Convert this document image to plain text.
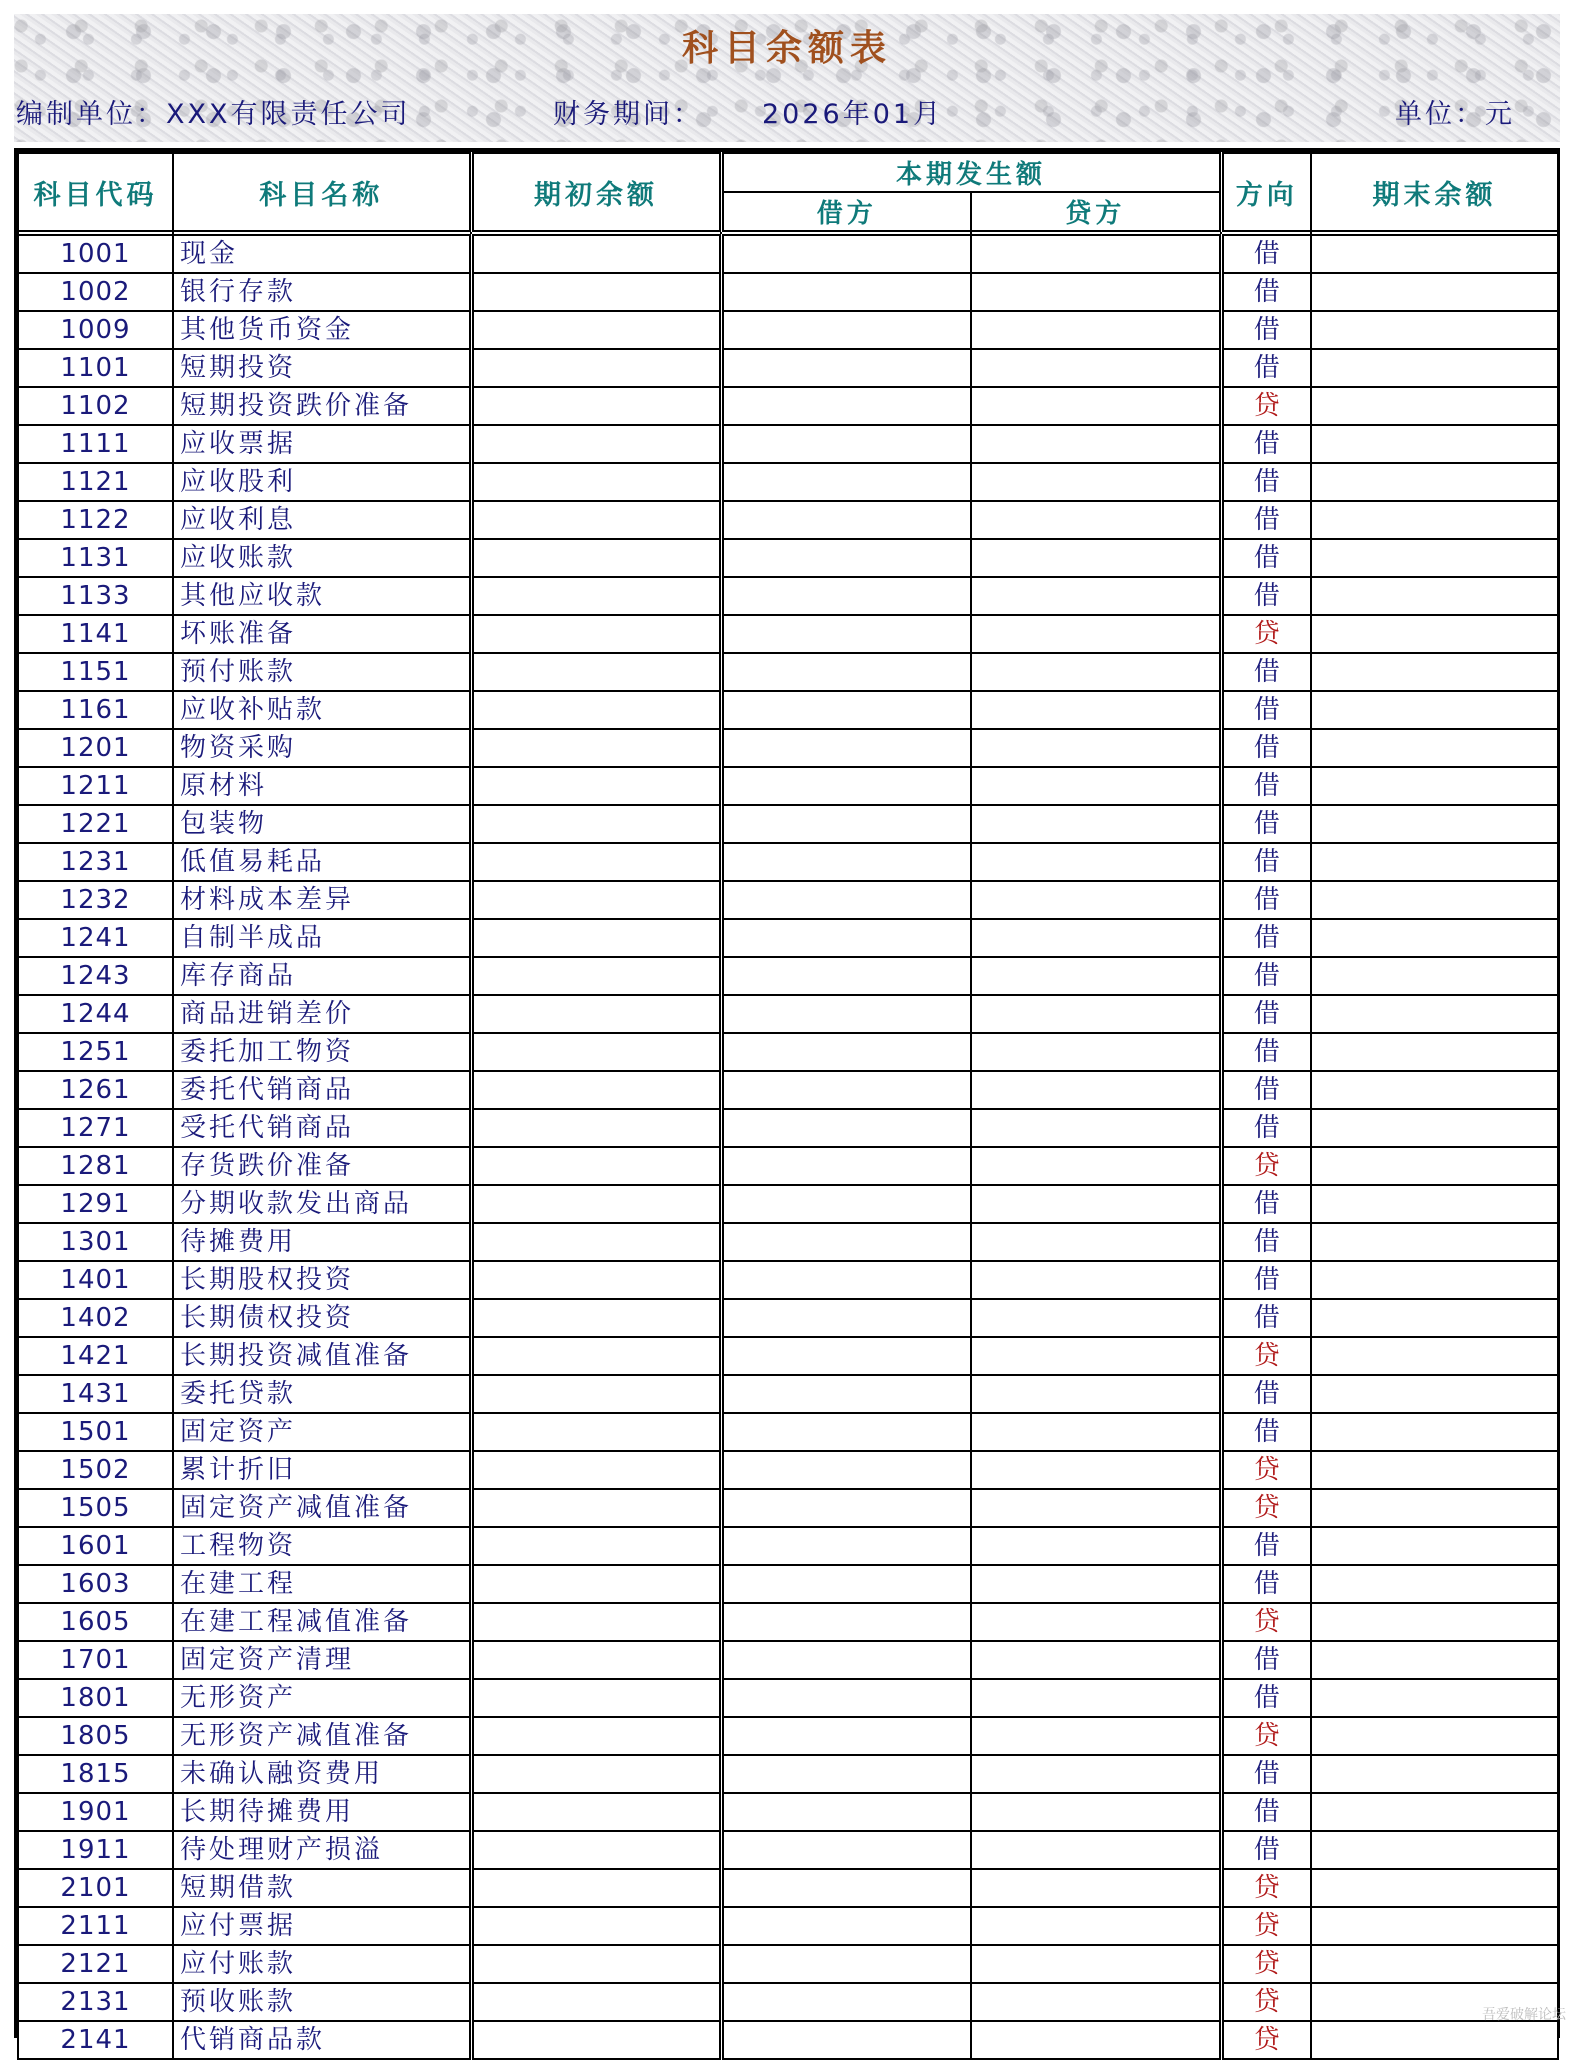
科目余额表
编制单位：XXX有限责任公司	财务期间： 2026年01月	单位：元
科目代码	科目名称	期初余额	本期发生额		方向	期末余额
			借方	贷方		

1001	现金				借	
1002	银行存款				借	
1009	其他货币资金				借	
1101	短期投资				借	
1102	短期投资跌价准备				贷	
1111	应收票据				借	
1121	应收股利				借	
1122	应收利息				借	
1131	应收账款				借	
1133	其他应收款				借	
1141	坏账准备				贷	
1151	预付账款				借	
1161	应收补贴款				借	
1201	物资采购				借	
1211	原材料				借	
1221	包装物				借	
1231	低值易耗品				借	
1232	材料成本差异				借	
1241	自制半成品				借	
1243	库存商品				借	
1244	商品进销差价				借	
1251	委托加工物资				借	
1261	委托代销商品				借	
1271	受托代销商品				借	
1281	存货跌价准备				贷	
1291	分期收款发出商品				借	
1301	待摊费用				借	
1401	长期股权投资				借	
1402	长期债权投资				借	
1421	长期投资减值准备				贷	
1431	委托贷款				借	
1501	固定资产				借	
1502	累计折旧				贷	
1505	固定资产减值准备				贷	
1601	工程物资				借	
1603	在建工程				借	
1605	在建工程减值准备				贷	
1701	固定资产清理				借	
1801	无形资产				借	
1805	无形资产减值准备				贷	
1815	未确认融资费用				借	
1901	长期待摊费用				借	
1911	待处理财产损溢				借	
2101	短期借款				贷	
2111	应付票据				贷	
2121	应付账款				贷	
2131	预收账款				贷	
2141	代销商品款				贷	
吾爱破解论坛
